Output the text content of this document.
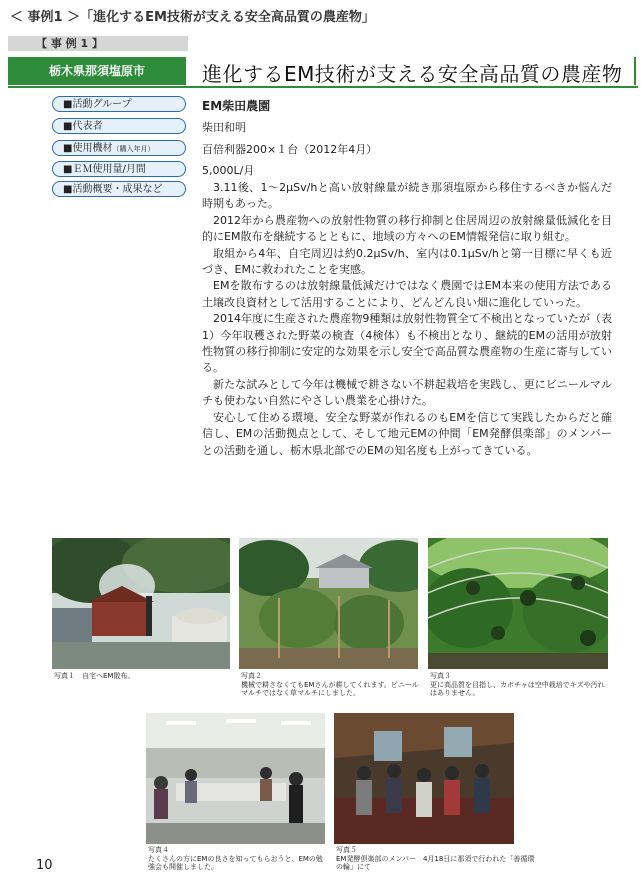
＜ 事例1 ＞「進化するEM技術が支える安全高品質の農産物」
【 事 例 1 】
栃木県那須塩原市	進化するEM技術が支える安全高品質の農産物
■活動グループ
■代表者
■使用機材（購入年月）
■ＥＭ使用量/月間
■活動概要・成果など
EM柴田農園
柴田和明
百倍利器200×１台（2012年4月）
5,000L/月

3.11後、1～2μSv/hと高い放射線量が続き那須塩原から移住するべきか悩んだ時期もあった。

2012年から農産物への放射性物質の移行抑制と住居周辺の放射線量低減化を目的にEM散布を継続するとともに、地域の方々へのEM情報発信に取り組む。

取組から4年、自宅周辺は約0.2μSv/h、室内は0.1μSv/hと第一目標に早くも近づき、EMに救われたことを実感。

EMを散布するのは放射線量低減だけではなく農園ではEM本来の使用方法である土壌改良資材として活用することにより、どんどん良い畑に進化していった。

2014年度に生産された農産物9種類は放射性物質全て不検出となっていたが（表1）今年収穫された野菜の検査（4検体）も不検出となり、継続的EMの活用が放射性物質の移行抑制に安定的な効果を示し安全で高品質な農産物の生産に寄与している。

新たな試みとして今年は機械で耕さない不耕起栽培を実践し、更にビニールマルチも使わない自然にやさしい農業を心掛けた。

安心して住める環境、安全な野菜が作れるのもEMを信じて実践したからだと確信し、EMの活動拠点として、そして地元EMの仲間「EM発酵倶楽部」のメンバーとの活動を通し、栃木県北部でのEMの知名度も上がってきている。

写真１　 自宅へEM散布。	写真２
機械で耕さなくてもEMさんが耕してくれます。ビニールマルチではなく草マルチにしました。
写真３
更に高品質を目指し、カボチャは空中栽培でキズや汚れはありません。
写真４
たくさんの方にEMの良さを知ってもらおうと、EMの勉強会も開催しました。
写真５
EM発酵倶楽部のメンバー　4月18日に那須で行われた「善循環の輪」にて
10
